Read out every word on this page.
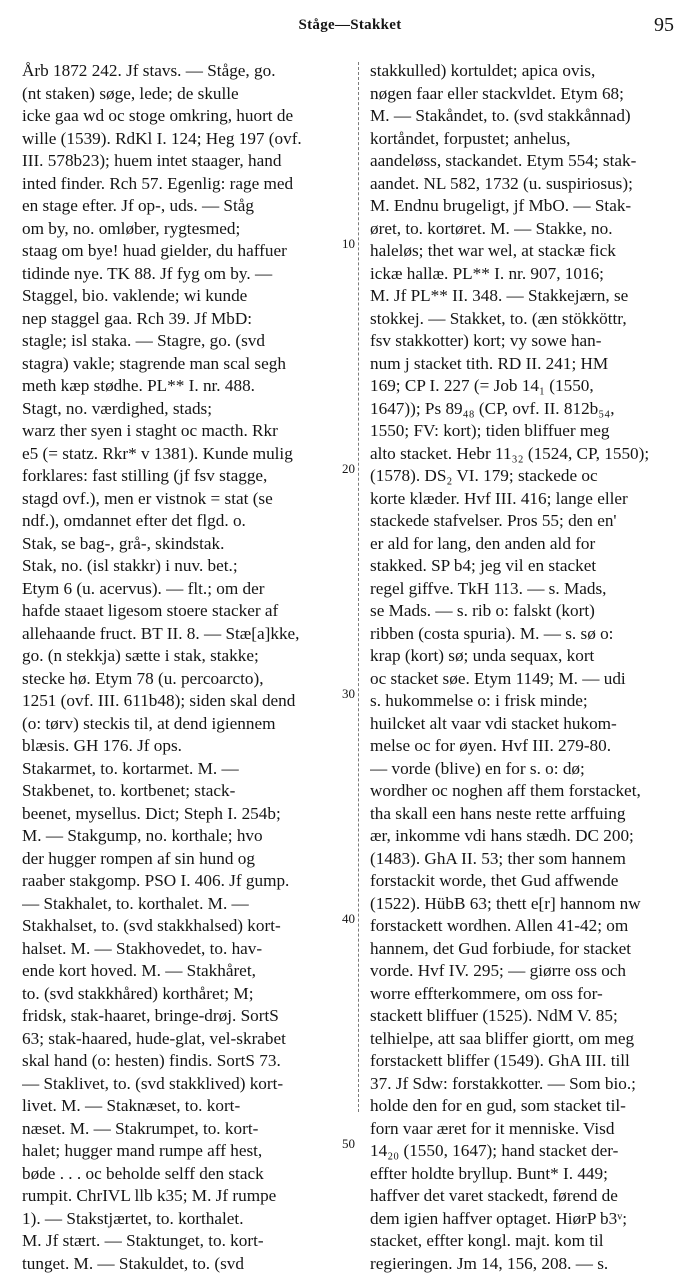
Ståge—Stakket	95
10
20
30
40
50
Årb 1872 242. Jf stavs. — Ståge, go.
(nt staken) søge, lede; de skulle
icke gaa wd oc stoge omkring, huort de
wille (1539). RdKl I. 124; Heg 197 (ovf.
III. 578b23); huem intet staager, hand
inted finder. Rch 57. Egenlig: rage med
en stage efter. Jf op-, uds. — Ståg
om by, no. omløber, rygtesmed;
staag om bye! huad gielder, du haffuer
tidinde nye. TK 88. Jf fyg om by. —
Staggel, bio. vaklende; wi kunde
nep staggel gaa. Rch 39. Jf MbD:
stagle; isl staka. — Stagre, go. (svd
stagra) vakle; stagrende man scal segh
meth kæp stødhe. PL** I. nr. 488.
Stagt, no. værdighed, stads;
warz ther syen i staght oc macth. Rkr
e5 (= statz. Rkr* v 1381). Kunde mulig
forklares: fast stilling (jf fsv stagge,
stagd ovf.), men er vistnok = stat (se
ndf.), omdannet efter det flgd. o.
Stak, se bag-, grå-, skindstak.
Stak, no. (isl stakkr) i nuv. bet.;
Etym 6 (u. acervus). — flt.; om der
hafde staaet ligesom stoere stacker af
allehaande fruct. BT II. 8. — Stæ[a]kke,
go. (n stekkja) sætte i stak, stakke;
stecke hø. Etym 78 (u. percoarcto),
1251 (ovf. III. 611b48); siden skal dend
(o: tørv) steckis til, at dend igiennem
blæsis. GH 176. Jf ops.
Stakarmet, to. kortarmet. M. —
Stakbenet, to. kortbenet; stack-
beenet, mysellus. Dict; Steph I. 254b;
M. — Stakgump, no. korthale; hvo
der hugger rompen af sin hund og
raaber stakgomp. PSO I. 406. Jf gump.
— Stakhalet, to. korthalet. M. —
Stakhalset, to. (svd stakkhalsed) kort-
halset. M. — Stakhovedet, to. hav-
ende kort hoved. M. — Stakhåret,
to. (svd stakkhåred) korthåret; M;
fridsk, stak-haaret, bringe-drøj. SortS
63; stak-haared, hude-glat, vel-skrabet
skal hand (o: hesten) findis. SortS 73.
— Staklivet, to. (svd stakklived) kort-
livet. M. — Staknæset, to. kort-
næset. M. — Stakrumpet, to. kort-
halet; hugger mand rumpe aff hest,
bøde . . . oc beholde selff den stack
rumpit. ChrIVL llb k35; M. Jf rumpe
1). — Stakstjærtet, to. korthalet.
M. Jf stært. — Staktunget, to. kort-
tunget. M. — Stakuldet, to. (svd
stakkulled) kortuldet; apica ovis,
nøgen faar eller stackvldet. Etym 68;
M. — Stakåndet, to. (svd stakkånnad)
kortåndet, forpustet; anhelus,
aandeløss, stackandet. Etym 554; stak-
aandet. NL 582, 1732 (u. suspiriosus);
M. Endnu brugeligt, jf MbO. — Stak-
øret, to. kortøret. M. — Stakke, no.
haleløs; thet war wel, at stackæ fick
ickæ hallæ. PL** I. nr. 907, 1016;
M. Jf PL** II. 348. — Stakkejærn, se
stokkej. — Stakket, to. (æn stökköttr,
fsv stakkotter) kort; vy sowe han-
num j stacket tith. RD II. 241; HM
169; CP I. 227 (= Job 14₁ (1550,
1647)); Ps 89₄₈ (CP, ovf. II. 812b₅₄,
1550; FV: kort); tiden bliffuer meg
alto stacket. Hebr 11₃₂ (1524, CP, 1550);
(1578). DS₂ VI. 179; stackede oc
korte klæder. Hvf III. 416; lange eller
stackede stafvelser. Pros 55; den en'
er ald for lang, den anden ald for
stakked. SP b4; jeg vil en stacket
regel giffve. TkH 113. — s. Mads,
se Mads. — s. rib o: falskt (kort)
ribben (costa spuria). M. — s. sø o:
krap (kort) sø; unda sequax, kort
oc stacket søe. Etym 1149; M. — udi
s. hukommelse o: i frisk minde;
huilcket alt vaar vdi stacket hukom-
melse oc for øyen. Hvf III. 279-80.
— vorde (blive) en for s. o: dø;
wordher oc noghen aff them forstacket,
tha skall een hans neste rette arffuing
ær, inkomme vdi hans stædh. DC 200;
(1483). GhA II. 53; ther som hannem
forstackit worde, thet Gud affwende
(1522). HübB 63; thett e[r] hannom nw
forstackett wordhen. Allen 41-42; om
hannem, det Gud forbiude, for stacket
vorde. Hvf IV. 295; — giørre oss och
worre effterkommere, om oss for-
stackett bliffuer (1525). NdM V. 85;
telhielpe, att saa bliffer giortt, om meg
forstackett bliffer (1549). GhA III. till
37. Jf Sdw: forstakkotter. — Som bio.;
holde den for en gud, som stacket til-
forn vaar æret for it menniske. Visd
14₂₀ (1550, 1647); hand stacket der-
effter holdte bryllup. Bunt* I. 449;
haffver det varet stackedt, førend de
dem igien haffver optaget. HiørP b3ᵛ;
stacket, effter kongl. majt. kom til
regieringen. Jm 14, 156, 208. — s.
